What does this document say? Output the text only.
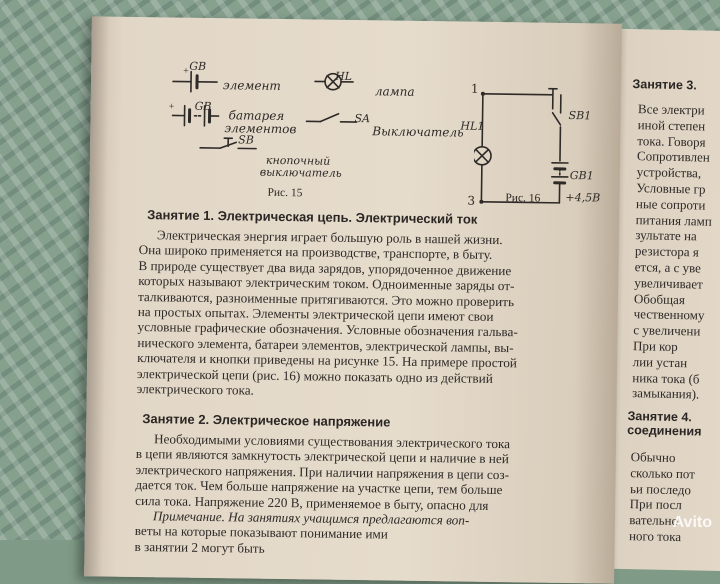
Занятие 3.
Все электри
иной степен
тока. Говоря
Сопротивлен
устройства,
Условные гр
ные сопроти
питания ламп
зультате на
резистора я
ется, а с уве
увеличивает
Обобщая
чественному
с увеличени
При кор
лии устан
ника тока (б
замыкания).
Занятие 4.
соединения
Обычно
сколько пот
ьи последо
При посл
вательно
ного тока
+
+
GB
элемент
GB
батарея
элементов
SB
кнопочный
выключатель
HL
лампа
SA
Выключатель
Рис. 15
1
3
HL1
SB1
GB1
+4,5B
Рис. 16
Занятие 1. Электрическая цепь. Электрический ток
Электрическая энергия играет большую роль в нашей жизни.
Она широко применяется на производстве, транспорте, в быту.
В природе существует два вида зарядов, упорядоченное движение
которых называют электрическим током. Одноименные заряды от-
талкиваются, разноименные притягиваются. Это можно проверить
на простых опытах. Элементы электрической цепи имеют свои
условные графические обозначения. Условные обозначения гальва-
нического элемента, батареи элементов, электрической лампы, вы-
ключателя и кнопки приведены на рисунке 15. На примере простой
электрической цепи (рис. 16) можно показать одно из действий
электрического тока.
Занятие 2. Электрическое напряжение
Необходимыми условиями существования электрического тока
в цепи являются замкнутость электрической цепи и наличие в ней
электрического напряжения. При наличии напряжения в цепи соз-
дается ток. Чем больше напряжение на участке цепи, тем больше
сила тока. Напряжение 220 В, применяемое в быту, опасно для
Примечание. На занятиях учащимся предлагаются воп-
веты на которые показывают понимание ими
в занятии 2 могут быть
Avito
